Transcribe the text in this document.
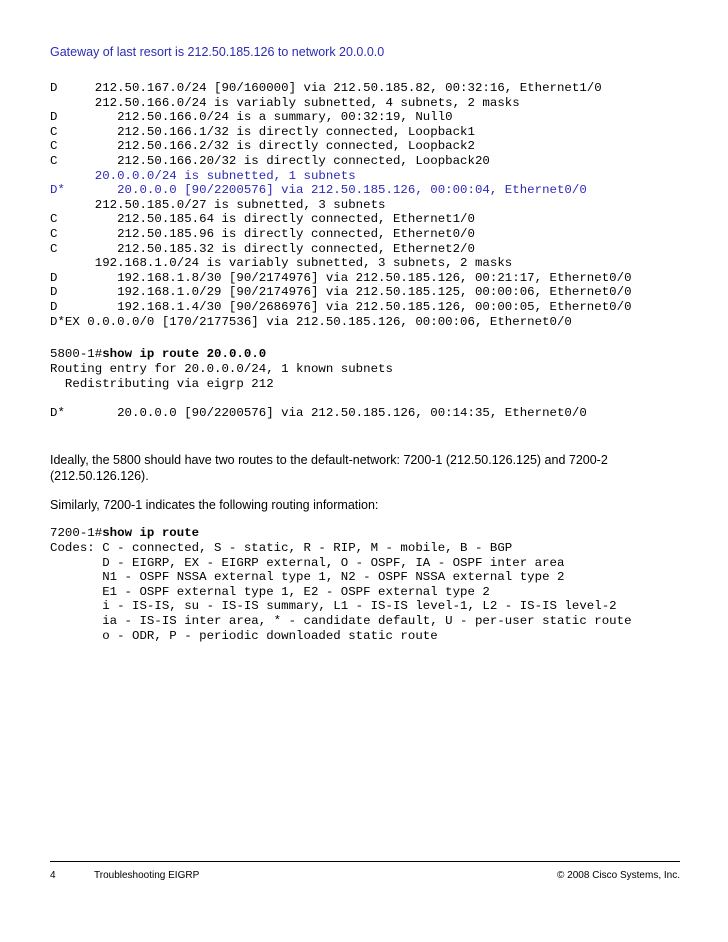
Gateway of last resort is 212.50.185.126 to network 20.0.0.0
D     212.50.167.0/24 [90/160000] via 212.50.185.82, 00:32:16, Ethernet1/0
212.50.166.0/24 is variably subnetted, 4 subnets, 2 masks
D        212.50.166.0/24 is a summary, 00:32:19, Null0
C        212.50.166.1/32 is directly connected, Loopback1
C        212.50.166.2/32 is directly connected, Loopback2
C        212.50.166.20/32 is directly connected, Loopback20
20.0.0.0/24 is subnetted, 1 subnets
D*       20.0.0.0 [90/2200576] via 212.50.185.126, 00:00:04, Ethernet0/0
212.50.185.0/27 is subnetted, 3 subnets
C        212.50.185.64 is directly connected, Ethernet1/0
C        212.50.185.96 is directly connected, Ethernet0/0
C        212.50.185.32 is directly connected, Ethernet2/0
192.168.1.0/24 is variably subnetted, 3 subnets, 2 masks
D        192.168.1.8/30 [90/2174976] via 212.50.185.126, 00:21:17, Ethernet0/0
D        192.168.1.0/29 [90/2174976] via 212.50.185.125, 00:00:06, Ethernet0/0
D        192.168.1.4/30 [90/2686976] via 212.50.185.126, 00:00:05, Ethernet0/0
D*EX 0.0.0.0/0 [170/2177536] via 212.50.185.126, 00:00:06, Ethernet0/0
5800-1#show ip route 20.0.0.0
Routing entry for 20.0.0.0/24, 1 known subnets
Redistributing via eigrp 212
D*       20.0.0.0 [90/2200576] via 212.50.185.126, 00:14:35, Ethernet0/0
Ideally, the 5800 should have two routes to the default-network: 7200-1 (212.50.126.125) and 7200-2 (212.50.126.126).
Similarly, 7200-1 indicates the following routing information:
7200-1#show ip route
Codes: C - connected, S - static, R - RIP, M - mobile, B - BGP
D - EIGRP, EX - EIGRP external, O - OSPF, IA - OSPF inter area
N1 - OSPF NSSA external type 1, N2 - OSPF NSSA external type 2
E1 - OSPF external type 1, E2 - OSPF external type 2
i - IS-IS, su - IS-IS summary, L1 - IS-IS level-1, L2 - IS-IS level-2
ia - IS-IS inter area, * - candidate default, U - per-user static route
o - ODR, P - periodic downloaded static route
4	Troubleshooting EIGRP	© 2008 Cisco Systems, Inc.
